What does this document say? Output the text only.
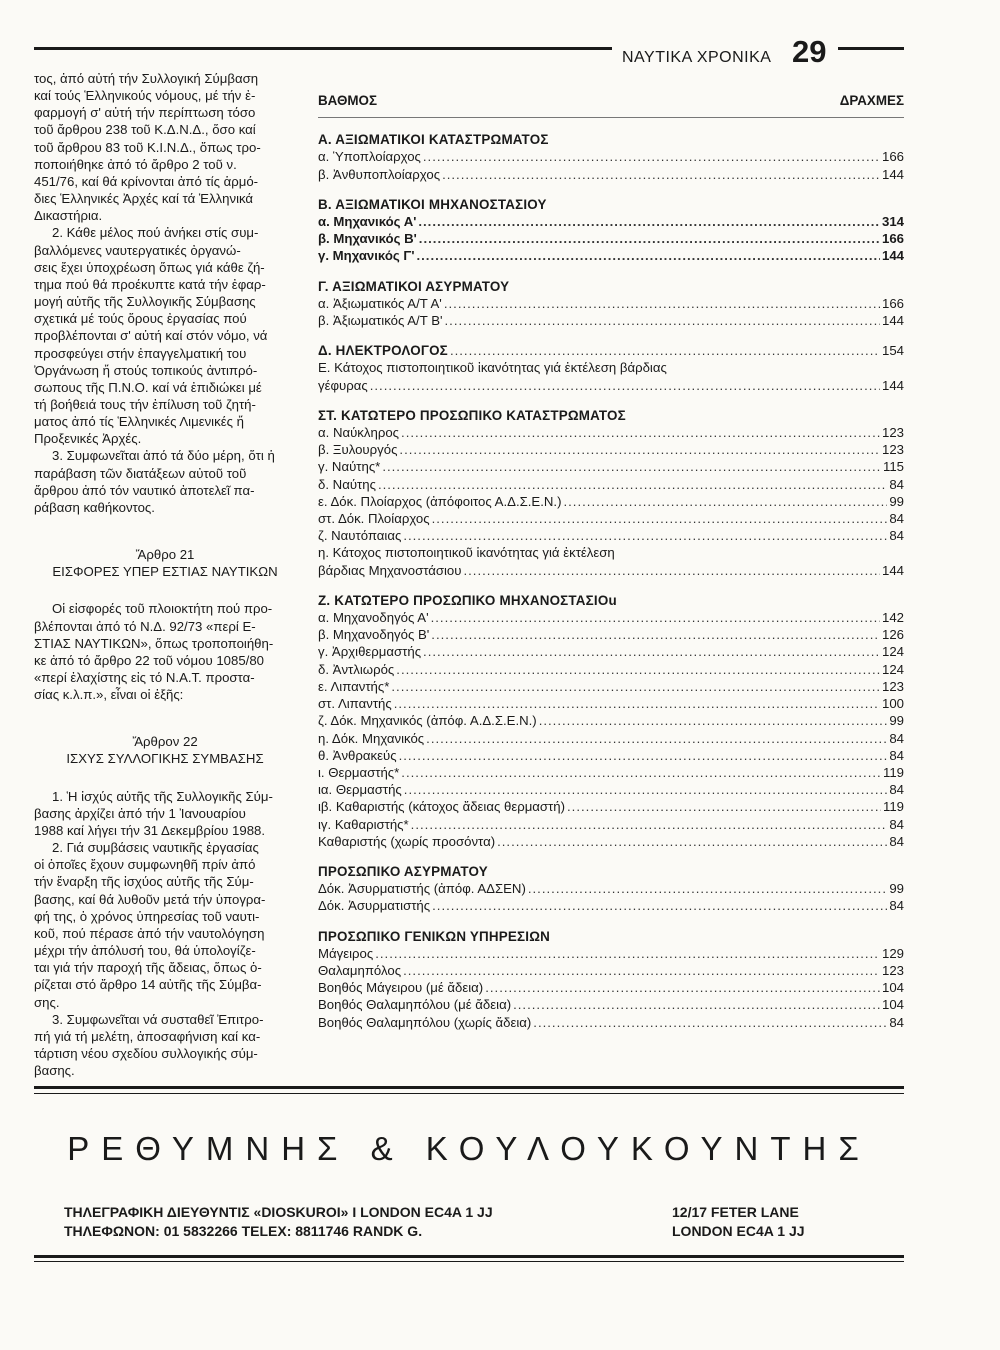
ΝΑΥΤΙΚΑ ΧΡΟΝΙΚΑ 29

τος, ἀπό αὐτή τήν Συλλογική Σύμβαση
καί τούς Ἑλληνικούς νόμους, μέ τήν ἐ-
φαρμογή σ' αὐτή τήν περίπτωση τόσο
τοῦ ἄρθρου 238 τοῦ Κ.Δ.Ν.Δ., ὅσο καί
τοῦ ἄρθρου 83 τοῦ Κ.Ι.Ν.Δ., ὅπως τρο-
ποποιήθηκε ἀπό τό ἄρθρο 2 τοῦ ν.
451/76, καί θά κρίνονται ἀπό τίς ἁρμό-
διες Ἑλληνικές Ἀρχές καί τά Ἑλληνικά
Δικαστήρια.

2. Κάθε μέλος πού ἀνήκει στίς συμ-
βαλλόμενες ναυτεργατικές ὀργανώ-
σεις ἔχει ὑποχρέωση ὅπως γιά κάθε ζή-
τημα πού θά προέκυπτε κατά τήν ἐφαρ-
μογή αὐτῆς τῆς Συλλογικῆς Σύμβασης
σχετικά μέ τούς ὅρους ἐργασίας πού
προβλέπονται σ' αὐτή καί στόν νόμο, νά
προσφεύγει στήν ἐπαγγελματική του
Ὀργάνωση ἤ στούς τοπικούς ἀντιπρό-
σωπους τῆς Π.Ν.Ο. καί νά ἐπιδιώκει μέ
τή βοήθειά τους τήν ἐπίλυση τοῦ ζητή-
ματος ἀπό τίς Ἑλληνικές Λιμενικές ἤ
Προξενικές Ἀρχές.

3. Συμφωνεῖται ἀπό τά δύο μέρη, ὅτι ἡ
παράβαση τῶν διατάξεων αὐτοῦ τοῦ
ἄρθρου ἀπό τόν ναυτικό ἀποτελεῖ πα-
ράβαση καθήκοντος.

Ἄρθρο 21

ΕΙΣΦΟΡΕΣ ΥΠΕΡ ΕΣΤΙΑΣ ΝΑΥΤΙΚΩΝ

Οἱ εἰσφορές τοῦ πλοιοκτήτη πού προ-
βλέπονται ἀπό τό Ν.Δ. 92/73 «περί Ε-
ΣΤΙΑΣ ΝΑΥΤΙΚΩΝ», ὅπως τροποποιήθη-
κε ἀπό τό ἄρθρο 22 τοῦ νόμου 1085/80
«περί ἐλαχίστης εἰς τό Ν.Α.Τ. προστα-
σίας κ.λ.π.», εἶναι οἱ ἑξῆς:

Ἄρθρον 22

ΙΣΧΥΣ ΣΥΛΛΟΓΙΚΗΣ ΣΥΜΒΑΣΗΣ

1. Ἡ ἰσχύς αὐτῆς τῆς Συλλογικῆς Σύμ-
βασης ἀρχίζει ἀπό τήν 1 Ἰανουαρίου
1988 καί λήγει τήν 31 Δεκεμβρίου 1988.

2. Γιά συμβάσεις ναυτικῆς ἐργασίας
οἱ ὁποῖες ἔχουν συμφωνηθῆ πρίν ἀπό
τήν ἔναρξη τῆς ἰσχύος αὐτῆς τῆς Σύμ-
βασης, καί θά λυθοῦν μετά τήν ὑπογρα-
φή της, ὁ χρόνος ὑπηρεσίας τοῦ ναυτι-
κοῦ, πού πέρασε ἀπό τήν ναυτολόγηση
μέχρι τήν ἀπόλυσή του, θά ὑπολογίζε-
ται γιά τήν παροχή τῆς ἄδειας, ὅπως ὁ-
ρίζεται στό ἄρθρο 14 αὐτῆς τῆς Σύμβα-
σης.

3. Συμφωνεῖται νά συσταθεῖ Ἐπιτρο-
πή γιά τή μελέτη, ἀποσαφήνιση καί κα-
τάρτιση νέου σχεδίου συλλογικής σύμ-
βασης.

ΒΑΘΜΟΣ	ΔΡΑΧΜΕΣ
Α. ΑΞΙΩΜΑΤΙΚΟΙ ΚΑΤΑΣΤΡΩΜΑΤΟΣ
α. Ὑποπλοίαρχος .....	166
β. Ἀνθυποπλοίαρχος .....	144
Β. ΑΞΙΩΜΑΤΙΚΟΙ ΜΗΧΑΝΟΣΤΑΣΙΟΥ
α. Μηχανικός Α' .....	314
β. Μηχανικός Β' .....	166
γ. Μηχανικός Γ' .....	144
Γ. ΑΞΙΩΜΑΤΙΚΟΙ ΑΣΥΡΜΑΤΟΥ
α. Ἀξιωματικός Α/Τ Α' .....	166
β. Ἀξιωματικός Α/Τ Β' .....	144
Δ. ΗΛΕΚΤΡΟΛΟΓΟΣ .....	154
Ε. Κάτοχος πιστοποιητικοῦ ἱκανότητας γιά ἐκτέλεση βάρδιας
γέφυρας .....	144
ΣΤ. ΚΑΤΩΤΕΡΟ ΠΡΟΣΩΠΙΚΟ ΚΑΤΑΣΤΡΩΜΑΤΟΣ
α. Ναύκληρος .....	123
β. Ξυλουργός .....	123
γ. Ναύτης* .....	115
δ. Ναύτης .....	84
ε. Δόκ. Πλοίαρχος (ἀπόφοιτος Α.Δ.Σ.Ε.Ν.) .....	99
στ. Δόκ. Πλοίαρχος .....	84
ζ. Ναυτόπαιας .....	84
η. Κάτοχος πιστοποιητικοῦ ἱκανότητας γιά ἐκτέλεση
βάρδιας Μηχανοστάσιου .....	144
Ζ. ΚΑΤΩΤΕΡΟ ΠΡΟΣΩΠΙΚΟ ΜΗΧΑΝΟΣΤΑΣΙΟu
α. Μηχανοδηγός Α' .....	142
β. Μηχανοδηγός Β' .....	126
γ. Ἀρχιθερμαστής .....	124
δ. Ἀντλιωρός .....	124
ε. Λιπαντής* .....	123
στ. Λιπαντής .....	100
ζ. Δόκ. Μηχανικός (ἀπόφ. Α.Δ.Σ.Ε.Ν.) .....	99
η. Δόκ. Μηχανικός .....	84
θ. Ἀνθρακεύς .....	84
ι. Θερμαστής* .....	119
ια. Θερμαστής .....	84
ιβ. Καθαριστής (κάτοχος ἄδειας θερμαστή) .....	119
ιγ. Καθαριστής* .....	84
Καθαριστής (χωρίς προσόντα) .....	84
ΠΡΟΣΩΠΙΚΟ ΑΣΥΡΜΑΤΟΥ
Δόκ. Ἀσυρματιστής (ἀπόφ. ΑΔΣΕΝ) .....	99
Δόκ. Ἀσυρματιστής .....	84
ΠΡΟΣΩΠΙΚΟ ΓΕΝΙΚΩΝ ΥΠΗΡΕΣΙΩΝ
Μάγειρος .....	129
Θαλαμηπόλος .....	123
Βοηθός Μάγειρου (μέ ἄδεια) .....	104
Βοηθός Θαλαμηπόλου (μέ ἄδεια) .....	104
Βοηθός Θαλαμηπόλου (χωρίς ἄδεια) .....	84
ΡΕΘΥΜΝΗΣ & ΚΟΥΛΟΥΚΟΥΝΤΗΣ
ΤΗΛΕΓΡΑΦΙΚΗ ΔΙΕΥΘΥΝΤΙΣ «DIOSKUROI» I LONDON EC4A 1 JJ
ΤΗΛΕΦΩΝΟΝ: 01 5832266 TELEX: 8811746 RANDK G.
12/17 FETER LANE
LONDON EC4A 1 JJ
